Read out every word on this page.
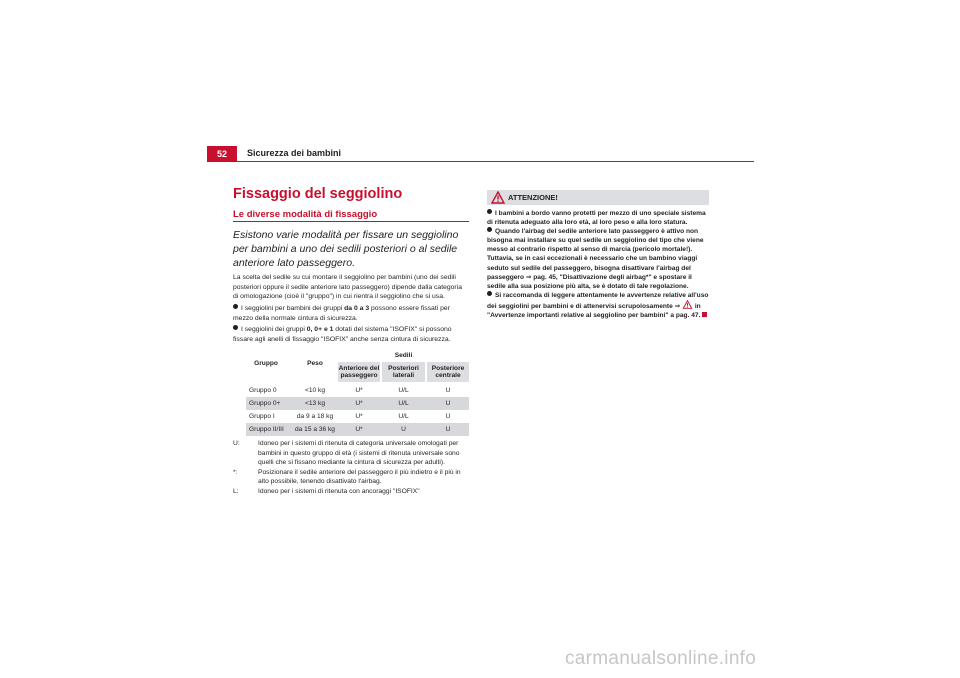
52	Sicurezza dei bambini
Fissaggio del seggiolino
Le diverse modalità di fissaggio

Esistono varie modalità per fissare un seggiolino per bambini a uno dei sedili posteriori o al sedile anteriore lato passeggero.

La scelta del sedile su cui montare il seggiolino per bambini (uno dei sedili posteriori oppure il sedile anteriore lato passeggero) dipende dalla categoria di omologazione (cioè il "gruppo") in cui rientra il seggiolino che si usa.

I seggiolini per bambini dei gruppi da 0 a 3 possono essere fissati per mezzo della normale cintura di sicurezza.

I seggiolini dei gruppi 0, 0+ e 1 dotati del sistema "ISOFIX" si possono fissare agli anelli di fissaggio "ISOFIX" anche senza cintura di sicurezza.

Gruppo	Peso
Sedili
Anteriore del passeggero
Posteriori laterali
Posteriore centrale
Gruppo 0	<10 kg	U*	U/L	U
Gruppo 0+	<13 kg	U*	U/L	U
Gruppo I	da 9 a 18 kg	U*	U/L	U
Gruppo II/III	da 15 a 36 kg	U*	U	U
U:	Idoneo per i sistemi di ritenuta di categoria universale omologati per bambini in questo gruppo di età (i sistemi di ritenuta universale sono quelli che si fissano mediante la cintura di sicurezza per adulti).
*:	Posizionare il sedile anteriore del passeggero il più indietro e il più in alto possibile, tenendo disattivato l'airbag.
L:	Idoneo per i sistemi di ritenuta con ancoraggi "ISOFIX"
ATTENZIONE!

I bambini a bordo vanno protetti per mezzo di uno speciale sistema di ritenuta adeguato alla loro età, al loro peso e alla loro statura.

Quando l'airbag del sedile anteriore lato passeggero è attivo non bisogna mai installare su quel sedile un seggiolino del tipo che viene messo al contrario rispetto al senso di marcia (pericolo mortale!). Tuttavia, se in casi eccezionali è necessario che un bambino viaggi seduto sul sedile del passeggero, bisogna disattivare l'airbag del passeggero ⇒ pag. 45, "Disattivazione degli airbag*" e spostare il sedile alla sua posizione più alta, se è dotato di tale regolazione.

Si raccomanda di leggere attentamente le avvertenze relative all'uso dei seggiolini per bambini e di attenervisi scrupolosamente ⇒ in "Avvertenze importanti relative al seggiolino per bambini" a pag. 47.

carmanualsonline.info
